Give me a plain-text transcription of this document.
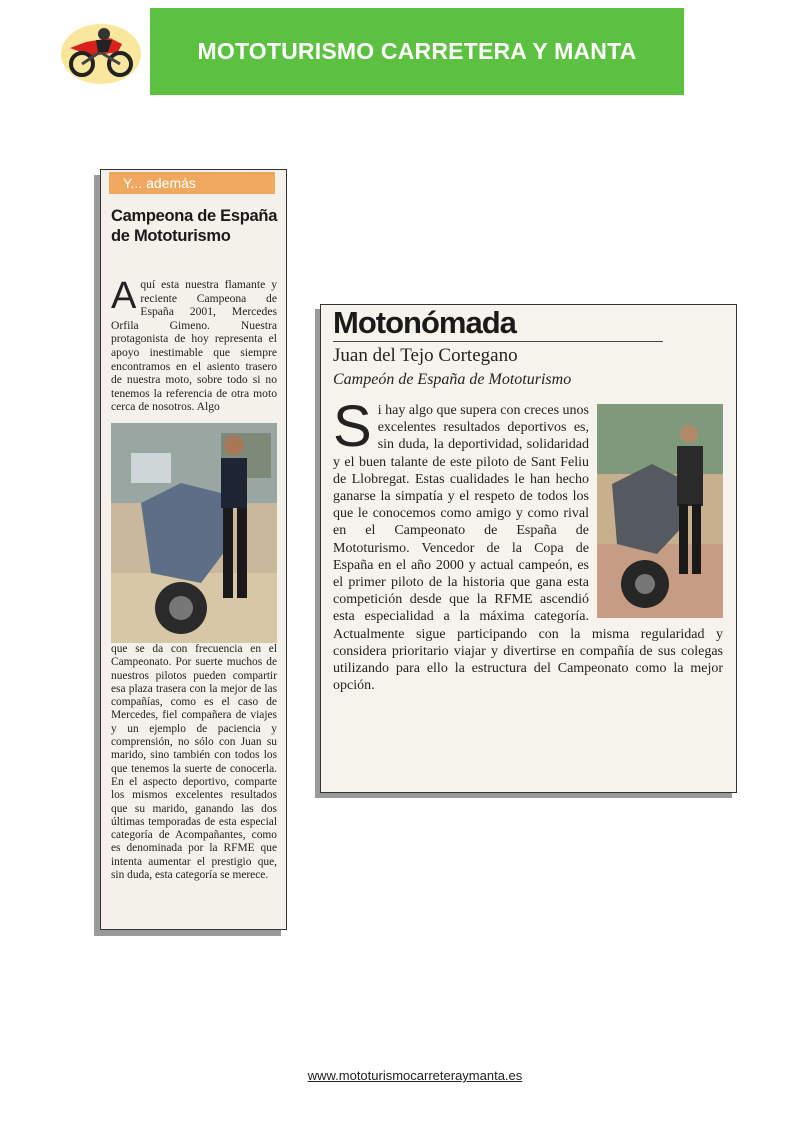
MOTOTURISMO CARRETERA Y MANTA
Y... además
Campeona de España de Mototurismo
A quí esta nuestra flamante y reciente Campeona de España 2001, Mercedes Orfila Gimeno. Nuestra protagonista de hoy representa el apoyo inestimable que siempre encontramos en el asiento trasero de nuestra moto, sobre todo si no tenemos la referencia de otra moto cerca de nosotros. Algo
que se da con frecuencia en el Campeonato. Por suerte muchos de nuestros pilotos pueden compartir esa plaza trasera con la mejor de las compañías, como es el caso de Mercedes, fiel compañera de viajes y un ejemplo de paciencia y comprensión, no sólo con Juan su marido, sino también con todos los que tenemos la suerte de conocerla. En el aspecto deportivo, comparte los mismos excelentes resultados que su marido, ganando las dos últimas temporadas de esta especial categoría de Acompañantes, como es denominada por la RFME que intenta aumentar el prestigio que, sin duda, esta categoría se merece.
Motonómada
Juan del Tejo Cortegano
Campeón de España de Mototurismo
S i hay algo que supera con creces unos excelentes resultados deportivos es, sin duda, la deportividad, solidaridad y el buen talante de este piloto de Sant Feliu de Llobregat. Estas cualidades le han hecho ganarse la simpatía y el respeto de todos los que le conocemos como amigo y como rival en el Campeonato de España de Mototurismo. Vencedor de la Copa de España en el año 2000 y actual campeón, es el primer piloto de la historia que gana esta competición desde que la RFME ascendió esta especialidad a la máxima categoría. Actualmente sigue participando con la misma regularidad y considera prioritario viajar y divertirse en compañía de sus colegas utilizando para ello la estructura del Campeonato como la mejor opción.
www.mototurismocarreteraymanta.es
